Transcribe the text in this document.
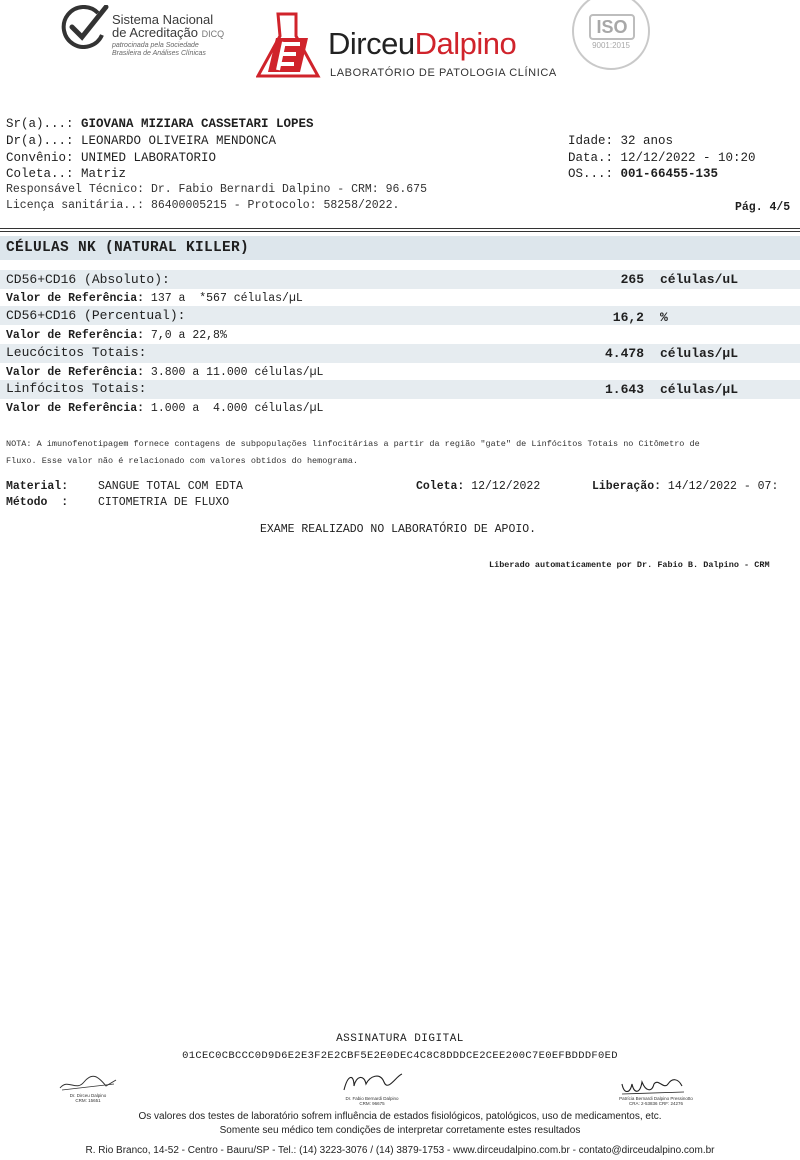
Sistema Nacional
de Acreditação DICQ
patrocinada pela Sociedade
Brasileira de Análises Clínicas	DirceuDalpino
LABORATÓRIO DE PATOLOGIA CLÍNICA
ISO
9001:2015
Sr(a)...: GIOVANA MIZIARA CASSETARI LOPES
Dr(a)...: LEONARDO OLIVEIRA MENDONCA
Convênio: UNIMED LABORATORIO
Coleta..: Matriz
Responsável Técnico: Dr. Fabio Bernardi Dalpino - CRM: 96.675
Licença sanitária..: 86400005215 - Protocolo: 58258/2022.
Idade: 32 anos
Data.: 12/12/2022 - 10:20
OS...: 001-66455-135
Pág. 4/5
CÉLULAS NK (NATURAL KILLER)
CD56+CD16 (Absoluto):	265 células/uL
Valor de Referência: 137 a  *567 células/µL
CD56+CD16 (Percentual):	16,2 %
Valor de Referência: 7,0 a 22,8%
Leucócitos Totais:	4.478 células/µL
Valor de Referência: 3.800 a 11.000 células/µL
Linfócitos Totais:	1.643 células/µL
Valor de Referência: 1.000 a  4.000 células/µL
NOTA: A imunofenotipagem fornece contagens de subpopulações linfocitárias a partir da região "gate" de Linfócitos Totais no Citômetro de
Fluxo. Esse valor não é relacionado com valores obtidos do hemograma.
Material:	SANGUE TOTAL COM EDTA
Método  :	CITOMETRIA DE FLUXO
Coleta: 12/12/2022	Liberação: 14/12/2022 - 07:
EXAME REALIZADO NO LABORATÓRIO DE APOIO.
Liberado automaticamente por Dr. Fabio B. Dalpino - CRM
ASSINATURA DIGITAL
01CEC0CBCCC0D9D6E2E3F2E2CBF5E2E0DEC4C8C8DDDCE2CEE200C7E0EFBDDDF0ED
Dr. Dirceu Dalpino
CRM: 15651	Dr. Fabio Bernardi Dalpino
CRM: 96675
Patrícia Bernardi Dalpino Pressinotto
CRA: 2-53836 CRF: 24276
Os valores dos testes de laboratório sofrem influência de estados fisiológicos, patológicos, uso de medicamentos, etc.
Somente seu médico tem condições de interpretar corretamente estes resultados
R. Rio Branco, 14-52 - Centro - Bauru/SP - Tel.: (14) 3223-3076 / (14) 3879-1753 - www.dirceudalpino.com.br - contato@dirceudalpino.com.br
